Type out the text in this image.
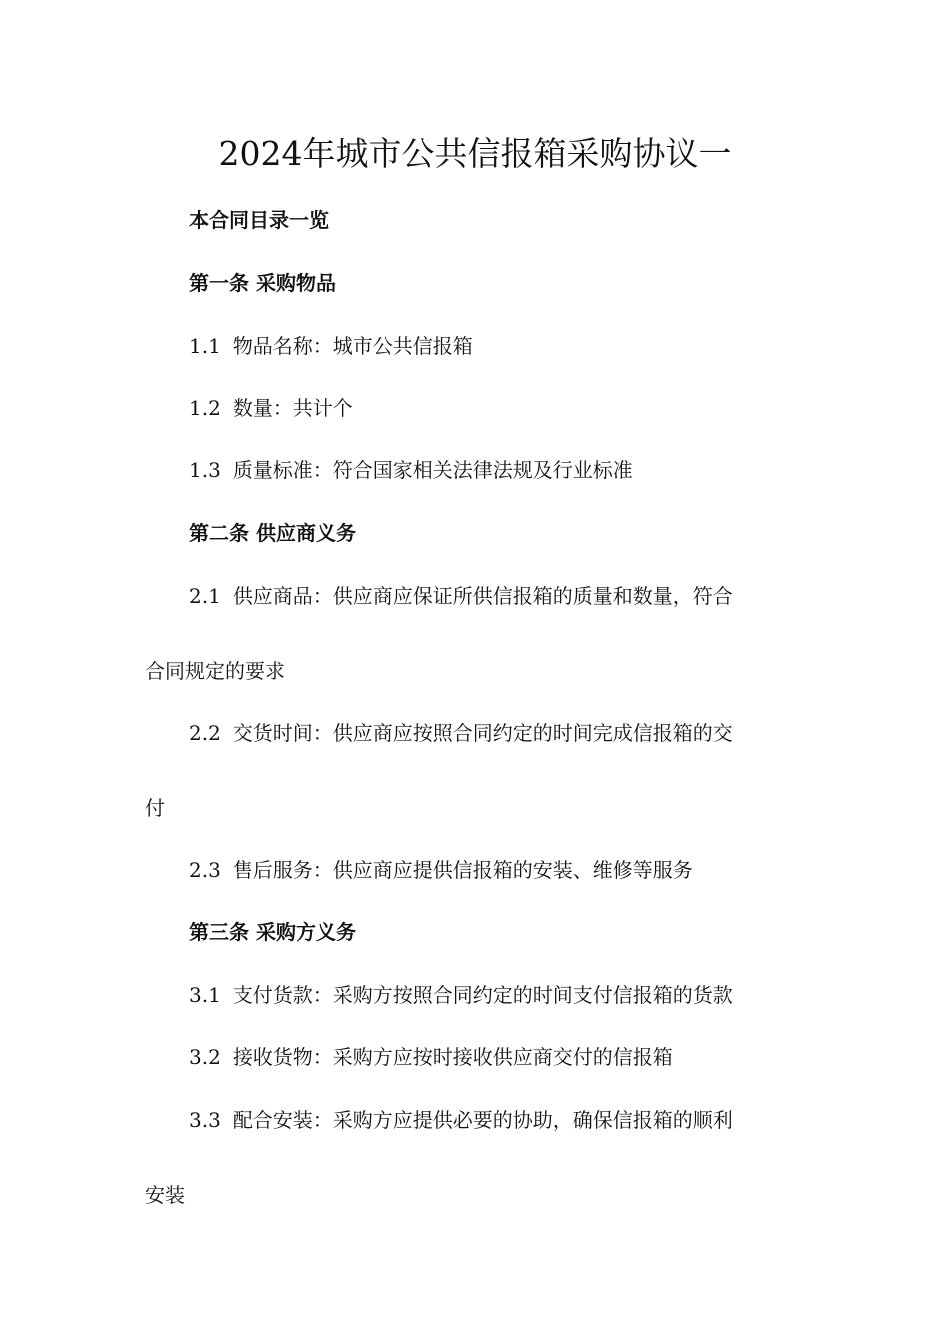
2024年城市公共信报箱采购协议一

本合同目录一览

第一条 采购物品

1.1 物品名称：城市公共信报箱

1.2 数量：共计个

1.3 质量标准：符合国家相关法律法规及行业标准

第二条 供应商义务

2.1 供应商品：供应商应保证所供信报箱的质量和数量，符合

合同规定的要求

2.2 交货时间：供应商应按照合同约定的时间完成信报箱的交

付

2.3 售后服务：供应商应提供信报箱的安装、维修等服务

第三条 采购方义务

3.1 支付货款：采购方按照合同约定的时间支付信报箱的货款

3.2 接收货物：采购方应按时接收供应商交付的信报箱

3.3 配合安装：采购方应提供必要的协助，确保信报箱的顺利

安装
